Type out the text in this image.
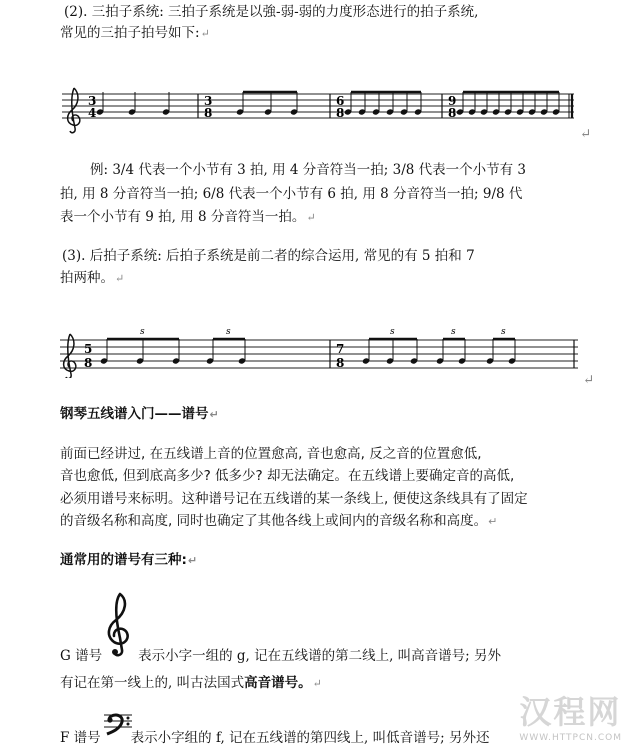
(2). 三拍子系统: 三拍子系统是以強-弱-弱的力度形态进行的拍子系统,

常见的三拍子拍号如下:↵

3
4
3
8
6
8
9
8
↵

例: 3/4 代表一个小节有 3 拍, 用 4 分音符当一拍; 3/8 代表一个小节有 3

拍, 用 8 分音符当一拍; 6/8 代表一个小节有 6 拍, 用 8 分音符当一拍; 9/8 代

表一个小节有 9 拍, 用 8 分音符当一拍。↵

(3). 后拍子系统: 后拍子系统是前二者的综合运用, 常见的有 5 拍和 7

拍两种。↵

5
8
s	s
7
8
s	s	s
↵

钢琴五线谱入门——谱号↵

前面已经讲过, 在五线谱上音的位置愈高, 音也愈高, 反之音的位置愈低,

音也愈低, 但到底高多少? 低多少? 却无法确定。在五线谱上要确定音的高低,

必须用谱号来标明。这种谱号记在五线谱的某一条线上, 便使这条线具有了固定

的音级名称和高度, 同时也确定了其他各线上或间内的音级名称和高度。↵

通常用的谱号有三种:↵

G 谱号	表示小字一组的 g, 记在五线谱的第二线上, 叫高音谱号; 另外

有记在第一线上的, 叫古法国式高音谱号。↵

F 谱号 表示小字组的 f, 记在五线谱的第四线上, 叫低音谱号; 另外还

汉程网
WWW.HTTPCN.COM
